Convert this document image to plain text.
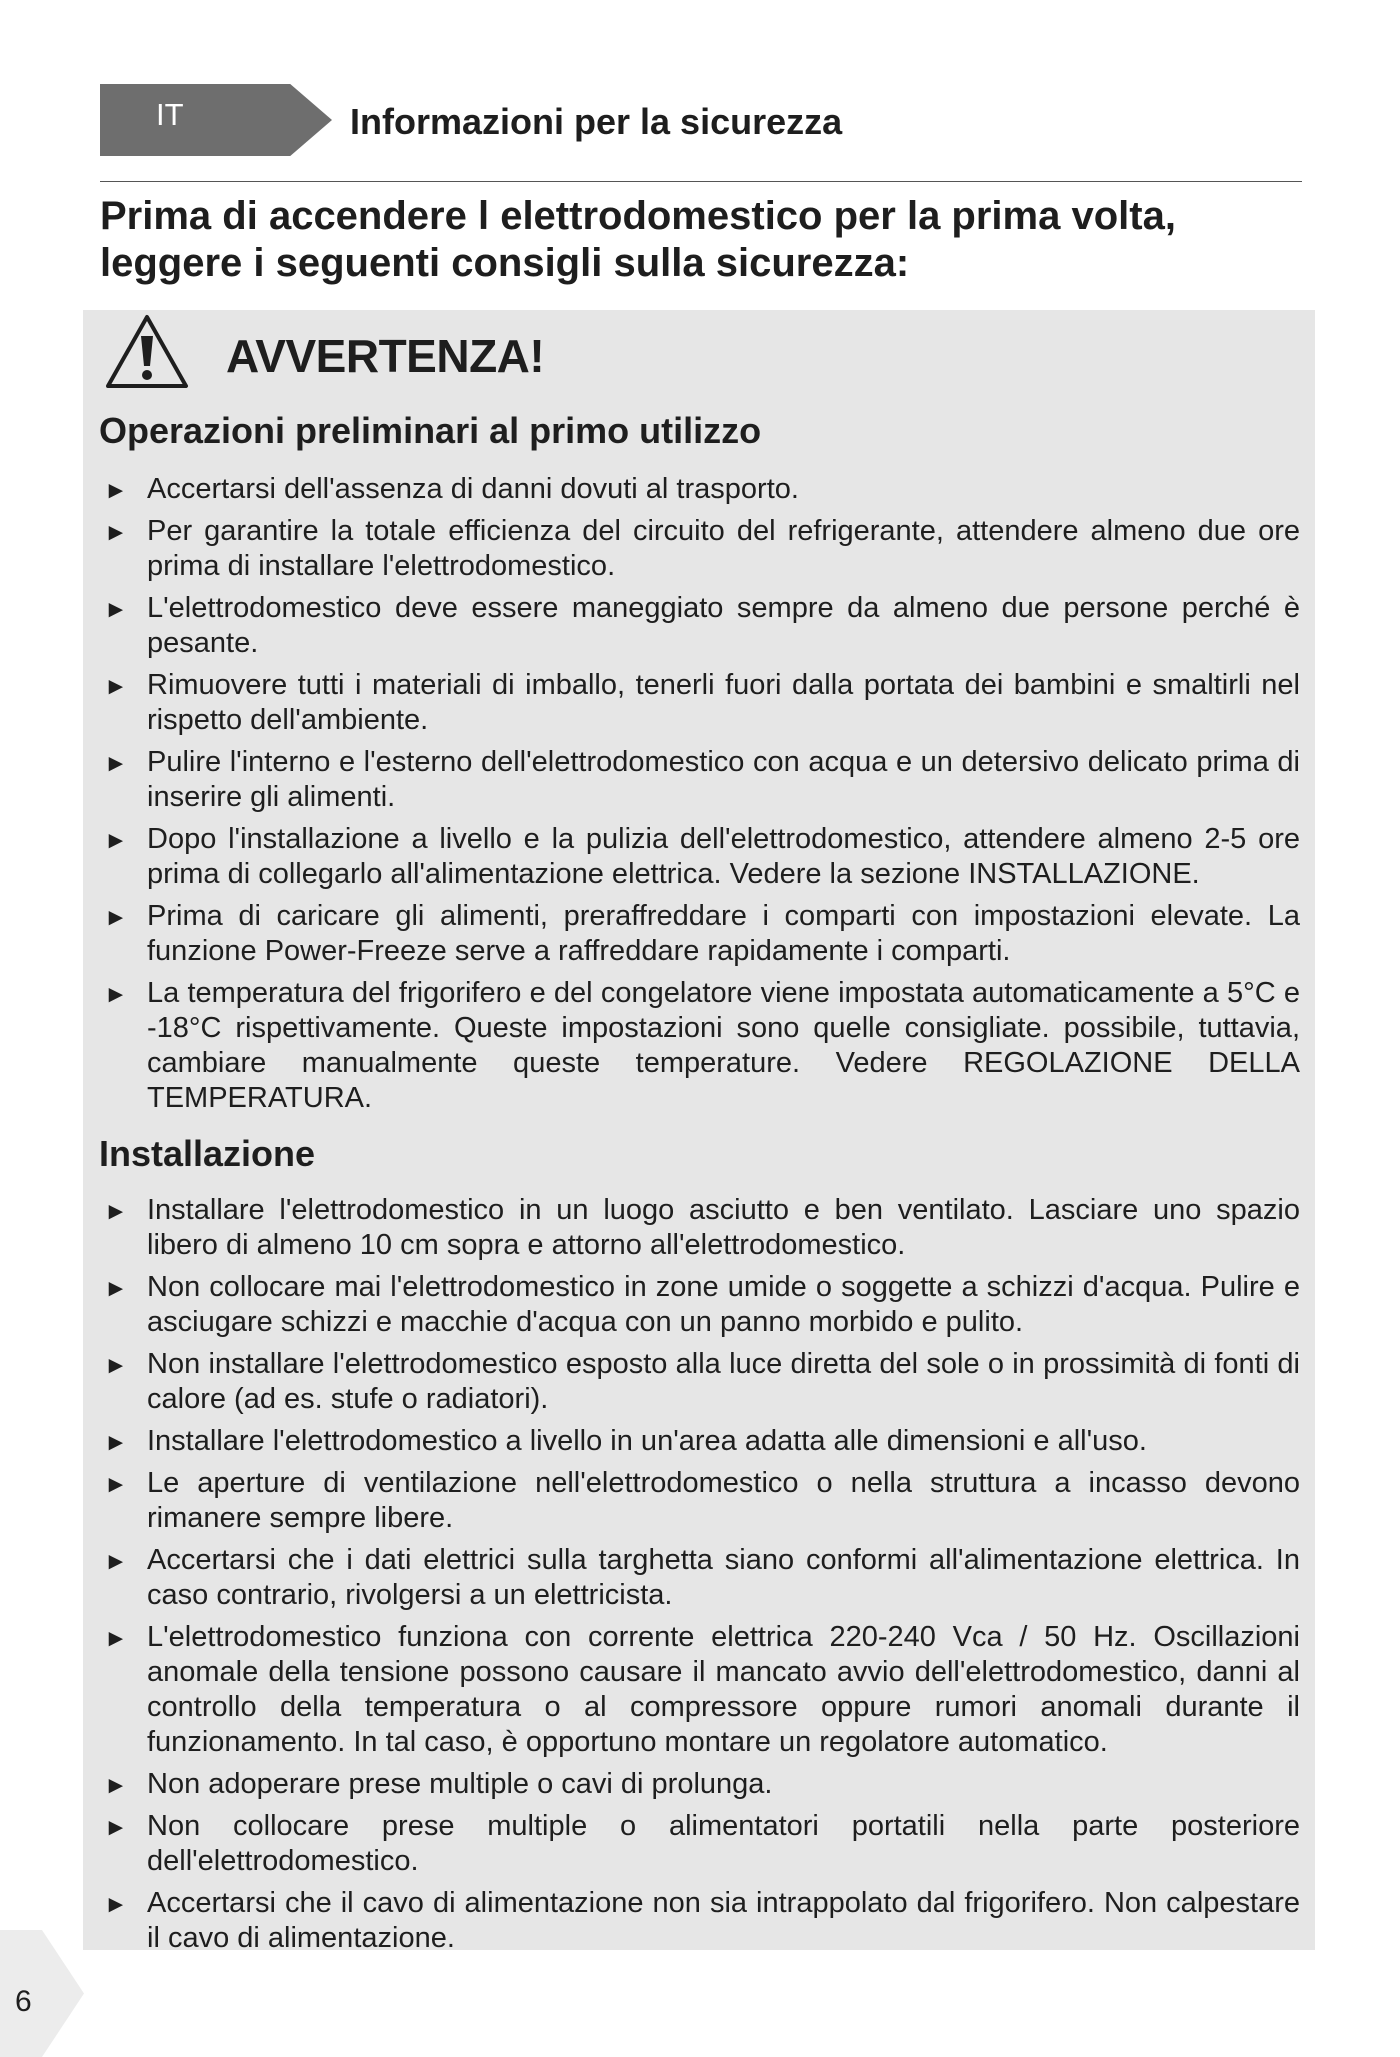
IT	Informazioni per la sicurezza

Prima di accendere l elettrodomestico per la prima volta, leggere i seguenti consigli sulla sicurezza:

AVVERTENZA!
Operazioni preliminari al primo utilizzo
► Accertarsi dell'assenza di danni dovuti al trasporto.
► Per garantire la totale efficienza del circuito del refrigerante, attendere almeno due ore prima di installare l'elettrodomestico.
► L'elettrodomestico deve essere maneggiato sempre da almeno due persone perché è pesante.
► Rimuovere tutti i materiali di imballo, tenerli fuori dalla portata dei bambini e smaltirli nel rispetto dell'ambiente.
► Pulire l'interno e l'esterno dell'elettrodomestico con acqua e un detersivo delicato prima di inserire gli alimenti.
► Dopo l'installazione a livello e la pulizia dell'elettrodomestico, attendere almeno 2-5 ore prima di collegarlo all'alimentazione elettrica. Vedere la sezione INSTALLAZIONE.
► Prima di caricare gli alimenti, preraffreddare i comparti con impostazioni elevate. La funzione Power-Freeze serve a raffreddare rapidamente i comparti.
► La temperatura del frigorifero e del congelatore viene impostata automaticamente a 5°C e -18°C rispettivamente. Queste impostazioni sono quelle consigliate. possibile, tuttavia, cambiare manualmente queste temperature. Vedere REGOLAZIONE DELLA TEMPERATURA.
Installazione
► Installare l'elettrodomestico in un luogo asciutto e ben ventilato. Lasciare uno spazio libero di almeno 10 cm sopra e attorno all'elettrodomestico.
► Non collocare mai l'elettrodomestico in zone umide o soggette a schizzi d'acqua. Pulire e asciugare schizzi e macchie d'acqua con un panno morbido e pulito.
► Non installare l'elettrodomestico esposto alla luce diretta del sole o in prossimità di fonti di calore (ad es. stufe o radiatori).
► Installare l'elettrodomestico a livello in un'area adatta alle dimensioni e all'uso.
► Le aperture di ventilazione nell'elettrodomestico o nella struttura a incasso devono rimanere sempre libere.
► Accertarsi che i dati elettrici sulla targhetta siano conformi all'alimentazione elettrica. In caso contrario, rivolgersi a un elettricista.
► L'elettrodomestico funziona con corrente elettrica 220-240 Vca / 50 Hz. Oscillazioni anomale della tensione possono causare il mancato avvio dell'elettrodomestico, danni al controllo della temperatura o al compressore oppure rumori anomali durante il funzionamento. In tal caso, è opportuno montare un regolatore automatico.
► Non adoperare prese multiple o cavi di prolunga.
► Non collocare prese multiple o alimentatori portatili nella parte posteriore dell'elettrodomestico.
► Accertarsi che il cavo di alimentazione non sia intrappolato dal frigorifero. Non calpestare il cavo di alimentazione.
6
